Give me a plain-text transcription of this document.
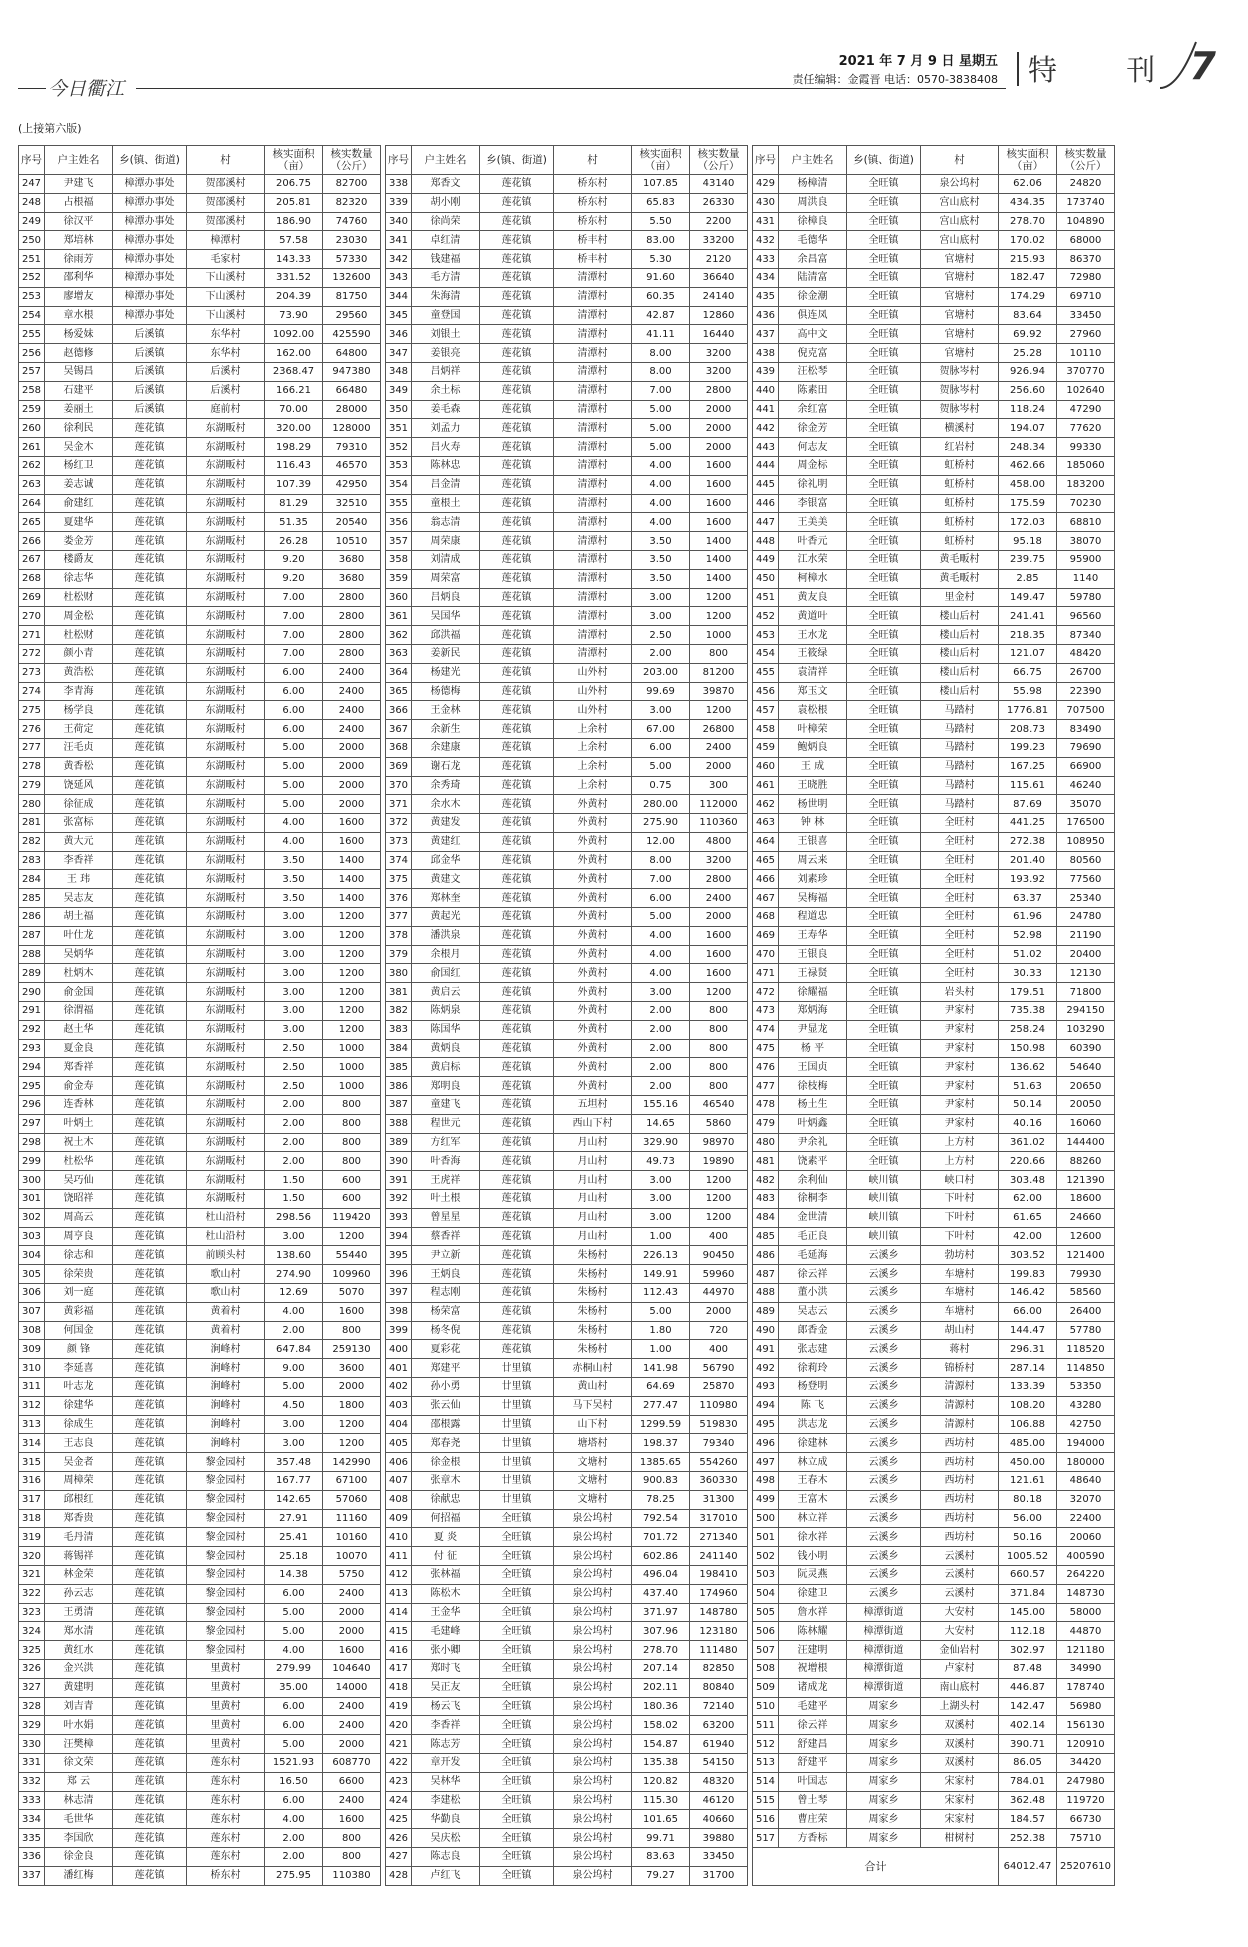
今日衢江
2021 年 7 月 9 日 星期五
责任编辑：金霞晋 电话：0570-3838408 特 刊 7
(上接第六版)
序号	户主姓名	乡(镇、街道)	村	核实面积（亩）	核实数量（公斤）
247	尹建飞	樟潭办事处	贺邵溪村	206.75	82700
248	占根福	樟潭办事处	贺邵溪村	205.81	82320
249	徐汉平	樟潭办事处	贺邵溪村	186.90	74760
250	郑培林	樟潭办事处	樟潭村	57.58	23030
251	徐雨芳	樟潭办事处	毛家村	143.33	57330
252	邵利华	樟潭办事处	下山溪村	331.52	132600
253	廖增友	樟潭办事处	下山溪村	204.39	81750
254	章水根	樟潭办事处	下山溪村	73.90	29560
255	杨爱妹	后溪镇	东华村	1092.00	425590
256	赵德修	后溪镇	东华村	162.00	64800
257	吴锡昌	后溪镇	后溪村	2368.47	947380
258	石建平	后溪镇	后溪村	166.21	66480
259	姜丽土	后溪镇	庭前村	70.00	28000
260	徐利民	莲花镇	东湖畈村	320.00	128000
261	吴金木	莲花镇	东湖畈村	198.29	79310
262	杨红卫	莲花镇	东湖畈村	116.43	46570
263	姜志诚	莲花镇	东湖畈村	107.39	42950
264	俞建红	莲花镇	东湖畈村	81.29	32510
265	夏建华	莲花镇	东湖畈村	51.35	20540
266	娄金芳	莲花镇	东湖畈村	26.28	10510
267	楼爵友	莲花镇	东湖畈村	9.20	3680
268	徐志华	莲花镇	东湖畈村	9.20	3680
269	杜松财	莲花镇	东湖畈村	7.00	2800
270	周金松	莲花镇	东湖畈村	7.00	2800
271	杜松财	莲花镇	东湖畈村	7.00	2800
272	颜小青	莲花镇	东湖畈村	7.00	2800
273	黄浩松	莲花镇	东湖畈村	6.00	2400
274	李青海	莲花镇	东湖畈村	6.00	2400
275	杨学良	莲花镇	东湖畈村	6.00	2400
276	王荷定	莲花镇	东湖畈村	6.00	2400
277	汪毛贞	莲花镇	东湖畈村	5.00	2000
278	黄香松	莲花镇	东湖畈村	5.00	2000
279	饶延风	莲花镇	东湖畈村	5.00	2000
280	徐征成	莲花镇	东湖畈村	5.00	2000
281	张富标	莲花镇	东湖畈村	4.00	1600
282	黄大元	莲花镇	东湖畈村	4.00	1600
283	李香祥	莲花镇	东湖畈村	3.50	1400
284	王 玮	莲花镇	东湖畈村	3.50	1400
285	吴志友	莲花镇	东湖畈村	3.50	1400
286	胡土福	莲花镇	东湖畈村	3.00	1200
287	叶仕龙	莲花镇	东湖畈村	3.00	1200
288	吴炳华	莲花镇	东湖畈村	3.00	1200
289	杜炳木	莲花镇	东湖畈村	3.00	1200
290	俞金国	莲花镇	东湖畈村	3.00	1200
291	徐渭福	莲花镇	东湖畈村	3.00	1200
292	赵土华	莲花镇	东湖畈村	3.00	1200
293	夏金良	莲花镇	东湖畈村	2.50	1000
294	郑香祥	莲花镇	东湖畈村	2.50	1000
295	俞金寿	莲花镇	东湖畈村	2.50	1000
296	连香林	莲花镇	东湖畈村	2.00	800
297	叶炳土	莲花镇	东湖畈村	2.00	800
298	祝土木	莲花镇	东湖畈村	2.00	800
299	杜松华	莲花镇	东湖畈村	2.00	800
300	吴巧仙	莲花镇	东湖畈村	1.50	600
301	饶昭祥	莲花镇	东湖畈村	1.50	600
302	周高云	莲花镇	杜山沿村	298.56	119420
303	周亨良	莲花镇	杜山沿村	3.00	1200
304	徐志和	莲花镇	前顾头村	138.60	55440
305	徐荣贵	莲花镇	歌山村	274.90	109960
306	刘一庭	莲花镇	歌山村	12.69	5070
307	黄彩福	莲花镇	黄着村	4.00	1600
308	何国金	莲花镇	黄着村	2.00	800
309	颜 锋	莲花镇	涧峰村	647.84	259130
310	李延喜	莲花镇	涧峰村	9.00	3600
311	叶志龙	莲花镇	涧峰村	5.00	2000
312	徐建华	莲花镇	涧峰村	4.50	1800
313	徐成生	莲花镇	涧峰村	3.00	1200
314	王志良	莲花镇	涧峰村	3.00	1200
315	吴金者	莲花镇	黎金园村	357.48	142990
316	周樟荣	莲花镇	黎金园村	167.77	67100
317	邱根红	莲花镇	黎金园村	142.65	57060
318	郑香贵	莲花镇	黎金园村	27.91	11160
319	毛丹清	莲花镇	黎金园村	25.41	10160
320	蒋锡祥	莲花镇	黎金园村	25.18	10070
321	林金荣	莲花镇	黎金园村	14.38	5750
322	孙云志	莲花镇	黎金园村	6.00	2400
323	王勇清	莲花镇	黎金园村	5.00	2000
324	郑水清	莲花镇	黎金园村	5.00	2000
325	黄红水	莲花镇	黎金园村	4.00	1600
326	金兴洪	莲花镇	里黄村	279.99	104640
327	黄建明	莲花镇	里黄村	35.00	14000
328	刘吉青	莲花镇	里黄村	6.00	2400
329	叶水娟	莲花镇	里黄村	6.00	2400
330	汪樊樟	莲花镇	里黄村	5.00	2000
331	徐文荣	莲花镇	莲东村	1521.93	608770
332	郑 云	莲花镇	莲东村	16.50	6600
333	林志清	莲花镇	莲东村	6.00	2400
334	毛世华	莲花镇	莲东村	4.00	1600
335	李国欣	莲花镇	莲东村	2.00	800
336	徐金良	莲花镇	莲东村	2.00	800
337	潘红梅	莲花镇	桥东村	275.95	110380
序号	户主姓名	乡(镇、街道)	村	核实面积（亩）	核实数量（公斤）
338	郑香文	莲花镇	桥东村	107.85	43140
339	胡小刚	莲花镇	桥东村	65.83	26330
340	徐尚荣	莲花镇	桥东村	5.50	2200
341	卓红清	莲花镇	桥丰村	83.00	33200
342	钱建福	莲花镇	桥丰村	5.30	2120
343	毛方清	莲花镇	清潭村	91.60	36640
344	朱海清	莲花镇	清潭村	60.35	24140
345	童登国	莲花镇	清潭村	42.87	12860
346	刘银土	莲花镇	清潭村	41.11	16440
347	姜银亮	莲花镇	清潭村	8.00	3200
348	吕炳祥	莲花镇	清潭村	8.00	3200
349	余土标	莲花镇	清潭村	7.00	2800
350	姜毛森	莲花镇	清潭村	5.00	2000
351	刘孟力	莲花镇	清潭村	5.00	2000
352	吕火寿	莲花镇	清潭村	5.00	2000
353	陈林忠	莲花镇	清潭村	4.00	1600
354	吕金清	莲花镇	清潭村	4.00	1600
355	童根土	莲花镇	清潭村	4.00	1600
356	翁志清	莲花镇	清潭村	4.00	1600
357	周荣康	莲花镇	清潭村	3.50	1400
358	刘清成	莲花镇	清潭村	3.50	1400
359	周荣富	莲花镇	清潭村	3.50	1400
360	吕炳良	莲花镇	清潭村	3.00	1200
361	吴国华	莲花镇	清潭村	3.00	1200
362	邱洪福	莲花镇	清潭村	2.50	1000
363	姜新民	莲花镇	清潭村	2.00	800
364	杨建光	莲花镇	山外村	203.00	81200
365	杨德梅	莲花镇	山外村	99.69	39870
366	王金林	莲花镇	山外村	3.00	1200
367	余新生	莲花镇	上余村	67.00	26800
368	余建康	莲花镇	上余村	6.00	2400
369	谢石龙	莲花镇	上余村	5.00	2000
370	余秀琦	莲花镇	上余村	0.75	300
371	余水木	莲花镇	外黄村	280.00	112000
372	黄建发	莲花镇	外黄村	275.90	110360
373	黄建红	莲花镇	外黄村	12.00	4800
374	邱金华	莲花镇	外黄村	8.00	3200
375	黄建文	莲花镇	外黄村	7.00	2800
376	郑林奎	莲花镇	外黄村	6.00	2400
377	黄起光	莲花镇	外黄村	5.00	2000
378	潘洪泉	莲花镇	外黄村	4.00	1600
379	余根月	莲花镇	外黄村	4.00	1600
380	俞国红	莲花镇	外黄村	4.00	1600
381	黄启云	莲花镇	外黄村	3.00	1200
382	陈炳泉	莲花镇	外黄村	2.00	800
383	陈国华	莲花镇	外黄村	2.00	800
384	黄炳良	莲花镇	外黄村	2.00	800
385	黄启标	莲花镇	外黄村	2.00	800
386	郑明良	莲花镇	外黄村	2.00	800
387	童建飞	莲花镇	五坦村	155.16	46540
388	程世元	莲花镇	西山下村	14.65	5860
389	方红军	莲花镇	月山村	329.90	98970
390	叶香海	莲花镇	月山村	49.73	19890
391	王虎祥	莲花镇	月山村	3.00	1200
392	叶土根	莲花镇	月山村	3.00	1200
393	曾星星	莲花镇	月山村	3.00	1200
394	蔡香祥	莲花镇	月山村	1.00	400
395	尹立新	莲花镇	朱杨村	226.13	90450
396	王炳良	莲花镇	朱杨村	149.91	59960
397	程志刚	莲花镇	朱杨村	112.43	44970
398	杨荣富	莲花镇	朱杨村	5.00	2000
399	杨冬倪	莲花镇	朱杨村	1.80	720
400	夏彩花	莲花镇	朱杨村	1.00	400
401	郑建平	廿里镇	赤桐山村	141.98	56790
402	孙小勇	廿里镇	黄山村	64.69	25870
403	张云仙	廿里镇	马下吴村	277.47	110980
404	邵根露	廿里镇	山下村	1299.59	519830
405	郑春尧	廿里镇	塘塔村	198.37	79340
406	徐金根	廿里镇	文塘村	1385.65	554260
407	张章木	廿里镇	文塘村	900.83	360330
408	徐献忠	廿里镇	文塘村	78.25	31300
409	何招福	全旺镇	泉公坞村	792.54	317010
410	夏 炎	全旺镇	泉公坞村	701.72	271340
411	付 征	全旺镇	泉公坞村	602.86	241140
412	张林福	全旺镇	泉公坞村	496.04	198410
413	陈松木	全旺镇	泉公坞村	437.40	174960
414	王金华	全旺镇	泉公坞村	371.97	148780
415	毛建峰	全旺镇	泉公坞村	307.96	123180
416	张小卿	全旺镇	泉公坞村	278.70	111480
417	郑时飞	全旺镇	泉公坞村	207.14	82850
418	吴正友	全旺镇	泉公坞村	202.11	80840
419	杨云飞	全旺镇	泉公坞村	180.36	72140
420	李香祥	全旺镇	泉公坞村	158.02	63200
421	陈志芳	全旺镇	泉公坞村	154.87	61940
422	章开发	全旺镇	泉公坞村	135.38	54150
423	吴林华	全旺镇	泉公坞村	120.82	48320
424	李建松	全旺镇	泉公坞村	115.30	46120
425	华勤良	全旺镇	泉公坞村	101.65	40660
426	吴庆松	全旺镇	泉公坞村	99.71	39880
427	陈志良	全旺镇	泉公坞村	83.63	33450
428	卢红飞	全旺镇	泉公坞村	79.27	31700
序号	户主姓名	乡(镇、街道)	村	核实面积（亩）	核实数量（公斤）
429	杨樟清	全旺镇	泉公坞村	62.06	24820
430	周洪良	全旺镇	宫山底村	434.35	173740
431	徐樟良	全旺镇	宫山底村	278.70	104890
432	毛德华	全旺镇	宫山底村	170.02	68000
433	余昌富	全旺镇	官塘村	215.93	86370
434	陆清富	全旺镇	官塘村	182.47	72980
435	徐金潮	全旺镇	官塘村	174.29	69710
436	俱连凤	全旺镇	官塘村	83.64	33450
437	高中文	全旺镇	官塘村	69.92	27960
438	倪克富	全旺镇	官塘村	25.28	10110
439	汪松琴	全旺镇	贺脉岑村	926.94	370770
440	陈素田	全旺镇	贺脉岑村	256.60	102640
441	余红富	全旺镇	贺脉岑村	118.24	47290
442	徐金芳	全旺镇	横溪村	194.07	77620
443	何志友	全旺镇	红岩村	248.34	99330
444	周金标	全旺镇	虹桥村	462.66	185060
445	徐礼明	全旺镇	虹桥村	458.00	183200
446	李银富	全旺镇	虹桥村	175.59	70230
447	王美美	全旺镇	虹桥村	172.03	68810
448	叶香元	全旺镇	虹桥村	95.18	38070
449	江水荣	全旺镇	黄毛畈村	239.75	95900
450	柯樟水	全旺镇	黄毛畈村	2.85	1140
451	黄友良	全旺镇	里金村	149.47	59780
452	黄道叶	全旺镇	楼山后村	241.41	96560
453	王水龙	全旺镇	楼山后村	218.35	87340
454	王筱绿	全旺镇	楼山后村	121.07	48420
455	袁清祥	全旺镇	楼山后村	66.75	26700
456	郑玉文	全旺镇	楼山后村	55.98	22390
457	袁松根	全旺镇	马踏村	1776.81	707500
458	叶樟荣	全旺镇	马踏村	208.73	83490
459	鲍炳良	全旺镇	马踏村	199.23	79690
460	王 成	全旺镇	马踏村	167.25	66900
461	王晓胜	全旺镇	马踏村	115.61	46240
462	杨世明	全旺镇	马踏村	87.69	35070
463	钟 林	全旺镇	全旺村	441.25	176500
464	王银喜	全旺镇	全旺村	272.38	108950
465	周云来	全旺镇	全旺村	201.40	80560
466	刘素珍	全旺镇	全旺村	193.92	77560
467	吴梅福	全旺镇	全旺村	63.37	25340
468	程道忠	全旺镇	全旺村	61.96	24780
469	王寿华	全旺镇	全旺村	52.98	21190
470	王银良	全旺镇	全旺村	51.02	20400
471	王禄贤	全旺镇	全旺村	30.33	12130
472	徐耀福	全旺镇	岩头村	179.51	71800
473	郑炳海	全旺镇	尹家村	735.38	294150
474	尹显龙	全旺镇	尹家村	258.24	103290
475	杨 平	全旺镇	尹家村	150.98	60390
476	王国贞	全旺镇	尹家村	136.62	54640
477	徐枝梅	全旺镇	尹家村	51.63	20650
478	杨土生	全旺镇	尹家村	50.14	20050
479	叶炳鑫	全旺镇	尹家村	40.16	16060
480	尹余礼	全旺镇	上方村	361.02	144400
481	饶素平	全旺镇	上方村	220.66	88260
482	余利仙	峡川镇	峡口村	303.48	121390
483	徐桐李	峡川镇	下叶村	62.00	18600
484	金世清	峡川镇	下叶村	61.65	24660
485	毛正良	峡川镇	下叶村	42.00	12600
486	毛延海	云溪乡	勃坊村	303.52	121400
487	徐云祥	云溪乡	车塘村	199.83	79930
488	董小洪	云溪乡	车塘村	146.42	58560
489	吴志云	云溪乡	车塘村	66.00	26400
490	郎香金	云溪乡	胡山村	144.47	57780
491	张志建	云溪乡	蒋村	296.31	118520
492	徐莉玲	云溪乡	锦桥村	287.14	114850
493	杨登明	云溪乡	清源村	133.39	53350
494	陈 飞	云溪乡	清源村	108.20	43280
495	洪志龙	云溪乡	清源村	106.88	42750
496	徐建林	云溪乡	西坊村	485.00	194000
497	林立成	云溪乡	西坊村	450.00	180000
498	王春木	云溪乡	西坊村	121.61	48640
499	王富木	云溪乡	西坊村	80.18	32070
500	林立祥	云溪乡	西坊村	56.00	22400
501	徐水祥	云溪乡	西坊村	50.16	20060
502	钱小明	云溪乡	云溪村	1005.52	400590
503	阮灵燕	云溪乡	云溪村	660.57	264220
504	徐建卫	云溪乡	云溪村	371.84	148730
505	詹水祥	樟潭街道	大安村	145.00	58000
506	陈林耀	樟潭街道	大安村	112.18	44870
507	汪建明	樟潭街道	金仙岩村	302.97	121180
508	祝增根	樟潭街道	卢家村	87.48	34990
509	诸成龙	樟潭街道	南山底村	446.87	178740
510	毛建平	周家乡	上湖头村	142.47	56980
511	徐云祥	周家乡	双溪村	402.14	156130
512	舒建昌	周家乡	双溪村	390.71	120910
513	舒建平	周家乡	双溪村	86.05	34420
514	叶国志	周家乡	宋家村	784.01	247980
515	曾土琴	周家乡	宋家村	362.48	119720
516	曹庄荣	周家乡	宋家村	184.57	66730
517	方香标	周家乡	柑树村	252.38	75710
合计				64012.47	25207610
